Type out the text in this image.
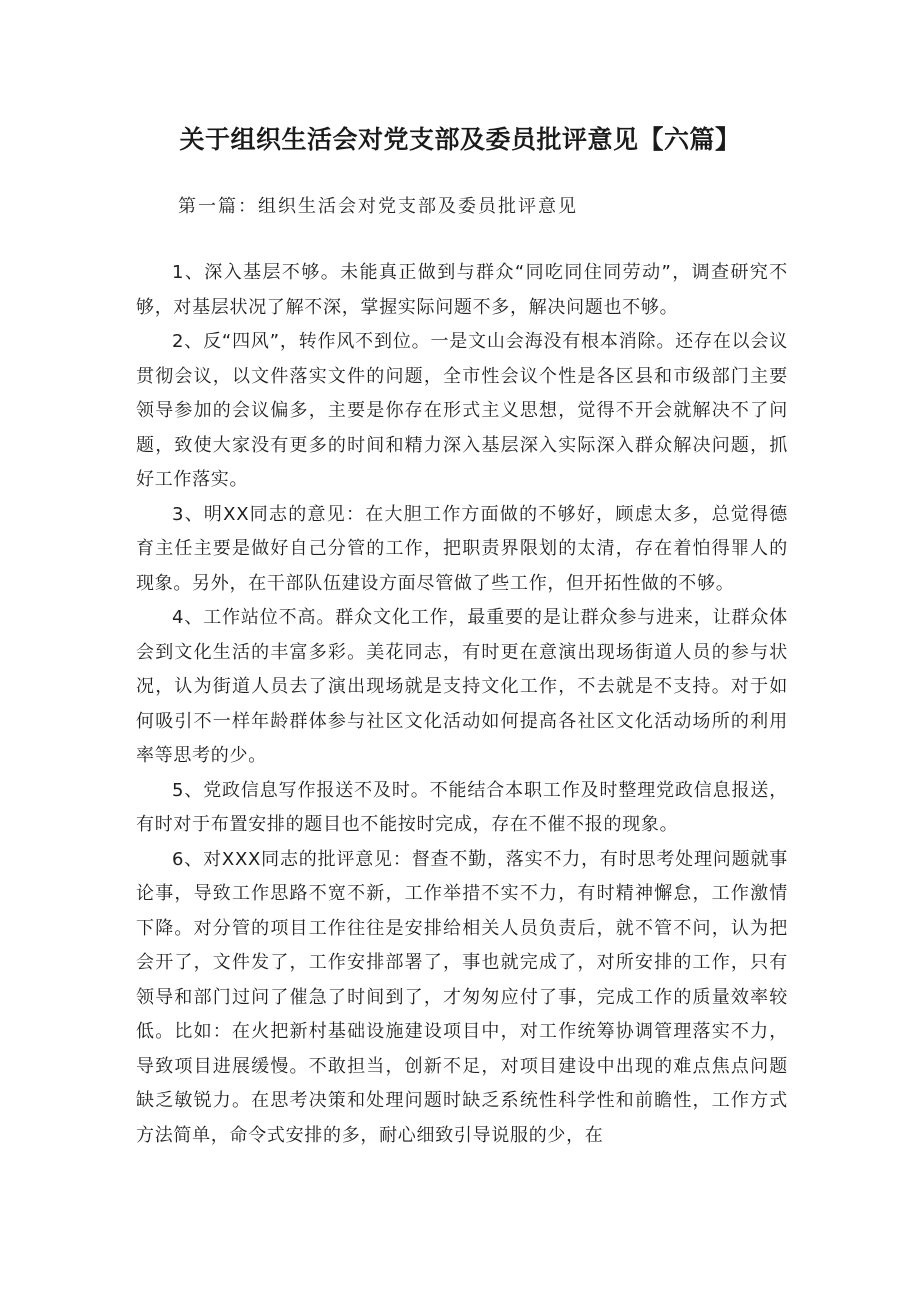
关于组织生活会对党支部及委员批评意见【六篇】
第一篇：组织生活会对党支部及委员批评意见

1、深入基层不够。未能真正做到与群众“同吃同住同劳动”，调查研究不够，对基层状况了解不深，掌握实际问题不多，解决问题也不够。

2、反“四风”，转作风不到位。一是文山会海没有根本消除。还存在以会议贯彻会议，以文件落实文件的问题，全市性会议个性是各区县和市级部门主要领导参加的会议偏多，主要是你存在形式主义思想，觉得不开会就解决不了问题，致使大家没有更多的时间和精力深入基层深入实际深入群众解决问题，抓好工作落实。

3、明XX同志的意见：在大胆工作方面做的不够好，顾虑太多，总觉得德育主任主要是做好自己分管的工作，把职责界限划的太清，存在着怕得罪人的现象。另外，在干部队伍建设方面尽管做了些工作，但开拓性做的不够。

4、工作站位不高。群众文化工作，最重要的是让群众参与进来，让群众体会到文化生活的丰富多彩。美花同志，有时更在意演出现场街道人员的参与状况，认为街道人员去了演出现场就是支持文化工作，不去就是不支持。对于如何吸引不一样年龄群体参与社区文化活动如何提高各社区文化活动场所的利用率等思考的少。

5、党政信息写作报送不及时。不能结合本职工作及时整理党政信息报送，有时对于布置安排的题目也不能按时完成，存在不催不报的现象。

6、对XXX同志的批评意见：督查不勤，落实不力，有时思考处理问题就事论事，导致工作思路不宽不新，工作举措不实不力，有时精神懈怠，工作激情下降。对分管的项目工作往往是安排给相关人员负责后，就不管不问，认为把会开了，文件发了，工作安排部署了，事也就完成了，对所安排的工作，只有领导和部门过问了催急了时间到了，才匆匆应付了事，完成工作的质量效率较低。比如：在火把新村基础设施建设项目中，对工作统筹协调管理落实不力，导致项目进展缓慢。不敢担当，创新不足，对项目建设中出现的难点焦点问题缺乏敏锐力。在思考决策和处理问题时缺乏系统性科学性和前瞻性，工作方式方法简单，命令式安排的多，耐心细致引导说服的少，在
